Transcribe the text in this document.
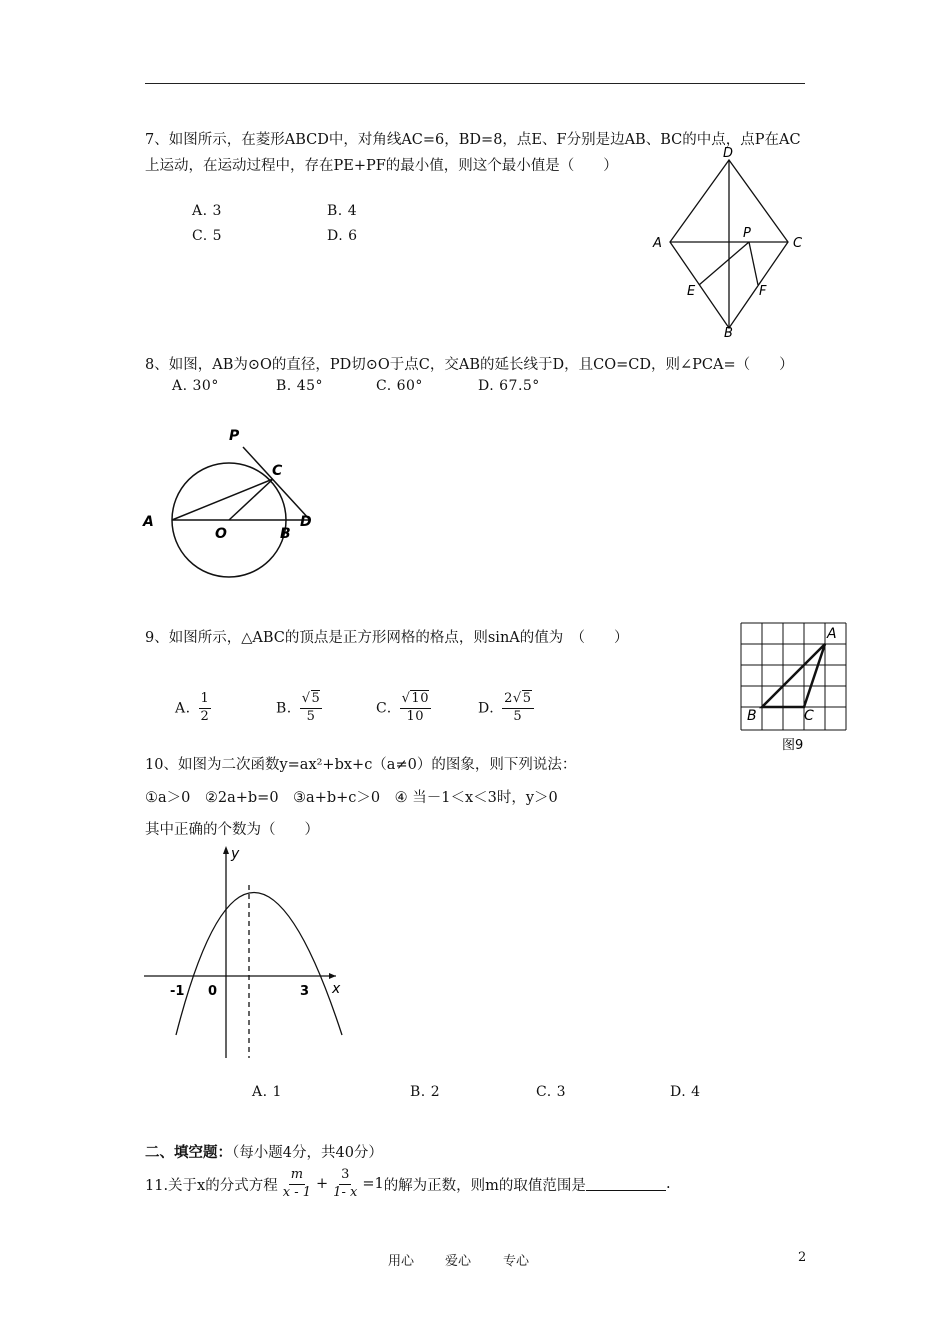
7、如图所示，在菱形ABCD中，对角线AC=6，BD=8，点E、F分别是边AB、BC的中点，点P在AC
上运动，在运动过程中，存在PE+PF的最小值，则这个最小值是（　　）
A. 3	B. 4
C. 5	D. 6
D
A
P
C
E	F
B
8、如图，AB为⊙O的直径，PD切⊙O于点C，交AB的延长线于D，且CO=CD，则∠PCA=（　　）
A. 30°	B. 45°	C. 60°	D. 67.5°
P
C
A
O	B
D
9、如图所示，△ABC的顶点是正方形网格的格点，则sinA的值为　（　　）
A. $\frac{1}{2}$	B. $\frac{√5}{5}$	C. $\frac{√10}{10}$	D. $\frac{2√5}{5}$
A
B	C
图9
10、如图为二次函数y=ax²+bx+c（a≠0）的图象，则下列说法：
①a＞0　②2a+b=0　③a+b+c＞0　④ 当－1＜x＜3时，y＞0
其中正确的个数为（　　）
y
x
-1 0	3
A. 1	B. 2	C. 3	D. 4
二、填空题：（每小题4分，共40分）
11.关于x的分式方程 $\frac{m}{x - 1} + \frac{3}{1- x} =1$ 的解为正数，则m的取值范围是	.
用心 爱心 专心	2
